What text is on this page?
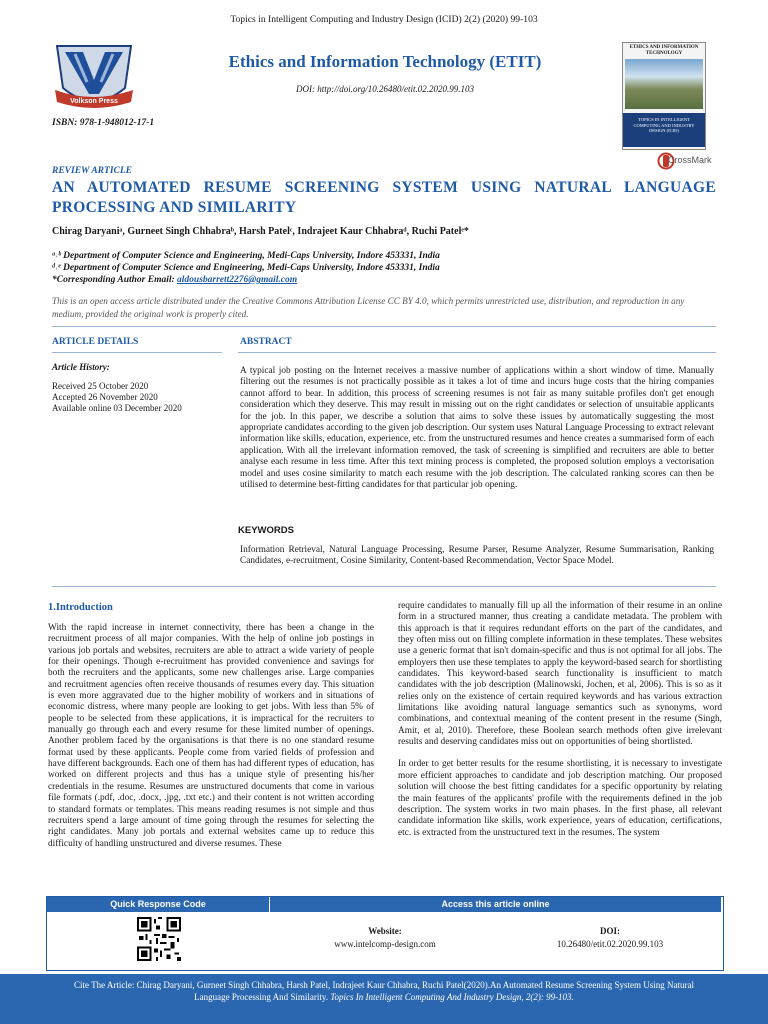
Topics in Intelligent Computing and Industry Design (ICID) 2(2) (2020) 99-103
Volkson Press
Ethics and Information Technology (ETIT)
DOI: http://doi.org/10.26480/etit.02.2020.99.103
ISBN: 978-1-948012-17-1
ETHICS AND INFORMATION TECHNOLOGY
TOPICS IN INTELLIGENT COMPUTING AND INDUSTRY DESIGN (ICID)
CrossMark
REVIEW ARTICLE
AN AUTOMATED RESUME SCREENING SYSTEM USING NATURAL LANGUAGE PROCESSING AND SIMILARITY
Chirag Daryaniᵃ, Gurneet Singh Chhabraᵇ, Harsh Patelᶜ, Indrajeet Kaur Chhabraᵈ, Ruchi Patelᵉ*
ᵃ˒ᵇ Department of Computer Science and Engineering, Medi-Caps University, Indore 453331, India
ᵈ˒ᵉ Department of Computer Science and Engineering, Medi-Caps University, Indore 453331, India
*Corresponding Author Email: aldousbarrett2276@gmail.com
This is an open access article distributed under the Creative Commons Attribution License CC BY 4.0, which permits unrestricted use, distribution, and reproduction in any medium, provided the original work is properly cited.
ARTICLE DETAILS	ABSTRACT
Article History:
Received 25 October 2020
Accepted 26 November 2020
Available online 03 December 2020
A typical job posting on the Internet receives a massive number of applications within a short window of time. Manually filtering out the resumes is not practically possible as it takes a lot of time and incurs huge costs that the hiring companies cannot afford to bear. In addition, this process of screening resumes is not fair as many suitable profiles don't get enough consideration which they deserve. This may result in missing out on the right candidates or selection of unsuitable applicants for the job. In this paper, we describe a solution that aims to solve these issues by automatically suggesting the most appropriate candidates according to the given job description. Our system uses Natural Language Processing to extract relevant information like skills, education, experience, etc. from the unstructured resumes and hence creates a summarised form of each application. With all the irrelevant information removed, the task of screening is simplified and recruiters are able to better analyse each resume in less time. After this text mining process is completed, the proposed solution employs a vectorisation model and uses cosine similarity to match each resume with the job description. The calculated ranking scores can then be utilised to determine best-fitting candidates for that particular job opening.
KEYWORDS
Information Retrieval, Natural Language Processing, Resume Parser, Resume Analyzer, Resume Summarisation, Ranking Candidates, e-recruitment, Cosine Similarity, Content-based Recommendation, Vector Space Model.
1.Introduction
With the rapid increase in internet connectivity, there has been a change in the recruitment process of all major companies. With the help of online job postings in various job portals and websites, recruiters are able to attract a wide variety of people for their openings. Though e-recruitment has provided convenience and savings for both the recruiters and the applicants, some new challenges arise. Large companies and recruitment agencies often receive thousands of resumes every day. This situation is even more aggravated due to the higher mobility of workers and in situations of economic distress, where many people are looking to get jobs. With less than 5% of people to be selected from these applications, it is impractical for the recruiters to manually go through each and every resume for these limited number of openings. Another problem faced by the organisations is that there is no one standard resume format used by these applicants. People come from varied fields of profession and have different backgrounds. Each one of them has had different types of education, has worked on different projects and thus has a unique style of presenting his/her credentials in the resume. Resumes are unstructured documents that come in various file formats (.pdf, .doc, .docx, .jpg, .txt etc.) and their content is not written according to standard formats or templates. This means reading resumes is not simple and thus recruiters spend a large amount of time going through the resumes for selecting the right candidates. Many job portals and external websites came up to reduce this difficulty of handling unstructured and diverse resumes. These

require candidates to manually fill up all the information of their resume in an online form in a structured manner, thus creating a candidate metadata. The problem with this approach is that it requires redundant efforts on the part of the candidates, and they often miss out on filling complete information in these templates. These websites use a generic format that isn't domain-specific and thus is not optimal for all jobs. The employers then use these templates to apply the keyword-based search for shortlisting candidates. This keyword-based search functionality is insufficient to match candidates with the job description (Malinowski, Jochen, et al, 2006). This is so as it relies only on the existence of certain required keywords and has various extraction limitations like avoiding natural language semantics such as synonyms, word combinations, and contextual meaning of the content present in the resume (Singh, Amit, et al, 2010). Therefore, these Boolean search methods often give irrelevant results and deserving candidates miss out on opportunities of being shortlisted.

In order to get better results for the resume shortlisting, it is necessary to investigate more efficient approaches to candidate and job description matching. Our proposed solution will choose the best fitting candidates for a specific opportunity by relating the main features of the applicants' profile with the requirements defined in the job description. The system works in two main phases. In the first phase, all relevant candidate information like skills, work experience, years of education, certifications, etc. is extracted from the unstructured text in the resumes. The system

Quick Response Code	Access this article online
Website:
www.intelcomp-design.com
DOI:
10.26480/etit.02.2020.99.103
Cite The Article: Chirag Daryani, Gurneet Singh Chhabra, Harsh Patel, Indrajeet Kaur Chhabra, Ruchi Patel(2020).An Automated Resume Screening System Using Natural Language Processing And Similarity. Topics In Intelligent Computing And Industry Design, 2(2): 99-103.
